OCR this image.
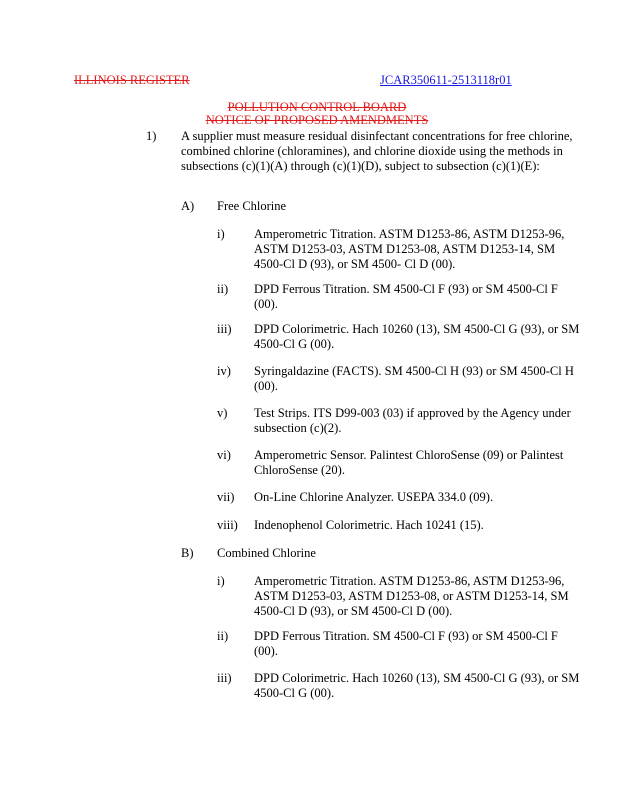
ILLINOIS REGISTER	JCAR350611-2513118r01
POLLUTION CONTROL BOARD
NOTICE OF PROPOSED AMENDMENTS
1) A supplier must measure residual disinfectant concentrations for free chlorine, combined chlorine (chloramines), and chlorine dioxide using the methods in subsections (c)(1)(A) through (c)(1)(D), subject to subsection (c)(1)(E):
A) Free Chlorine
i) Amperometric Titration. ASTM D1253-86, ASTM D1253-96, ASTM D1253-03, ASTM D1253-08, ASTM D1253-14, SM 4500-Cl D (93), or SM 4500- Cl D (00).
ii) DPD Ferrous Titration. SM 4500-Cl F (93) or SM 4500-Cl F (00).
iii) DPD Colorimetric. Hach 10260 (13), SM 4500-Cl G (93), or SM 4500-Cl G (00).
iv) Syringaldazine (FACTS). SM 4500-Cl H (93) or SM 4500-Cl H (00).
v) Test Strips. ITS D99-003 (03) if approved by the Agency under subsection (c)(2).
vi) Amperometric Sensor. Palintest ChloroSense (09) or Palintest ChloroSense (20).
vii) On-Line Chlorine Analyzer. USEPA 334.0 (09).
viii) Indenophenol Colorimetric. Hach 10241 (15).
B) Combined Chlorine
i) Amperometric Titration. ASTM D1253-86, ASTM D1253-96, ASTM D1253-03, ASTM D1253-08, or ASTM D1253-14, SM 4500-Cl D (93), or SM 4500-Cl D (00).
ii) DPD Ferrous Titration. SM 4500-Cl F (93) or SM 4500-Cl F (00).
iii) DPD Colorimetric. Hach 10260 (13), SM 4500-Cl G (93), or SM 4500-Cl G (00).
